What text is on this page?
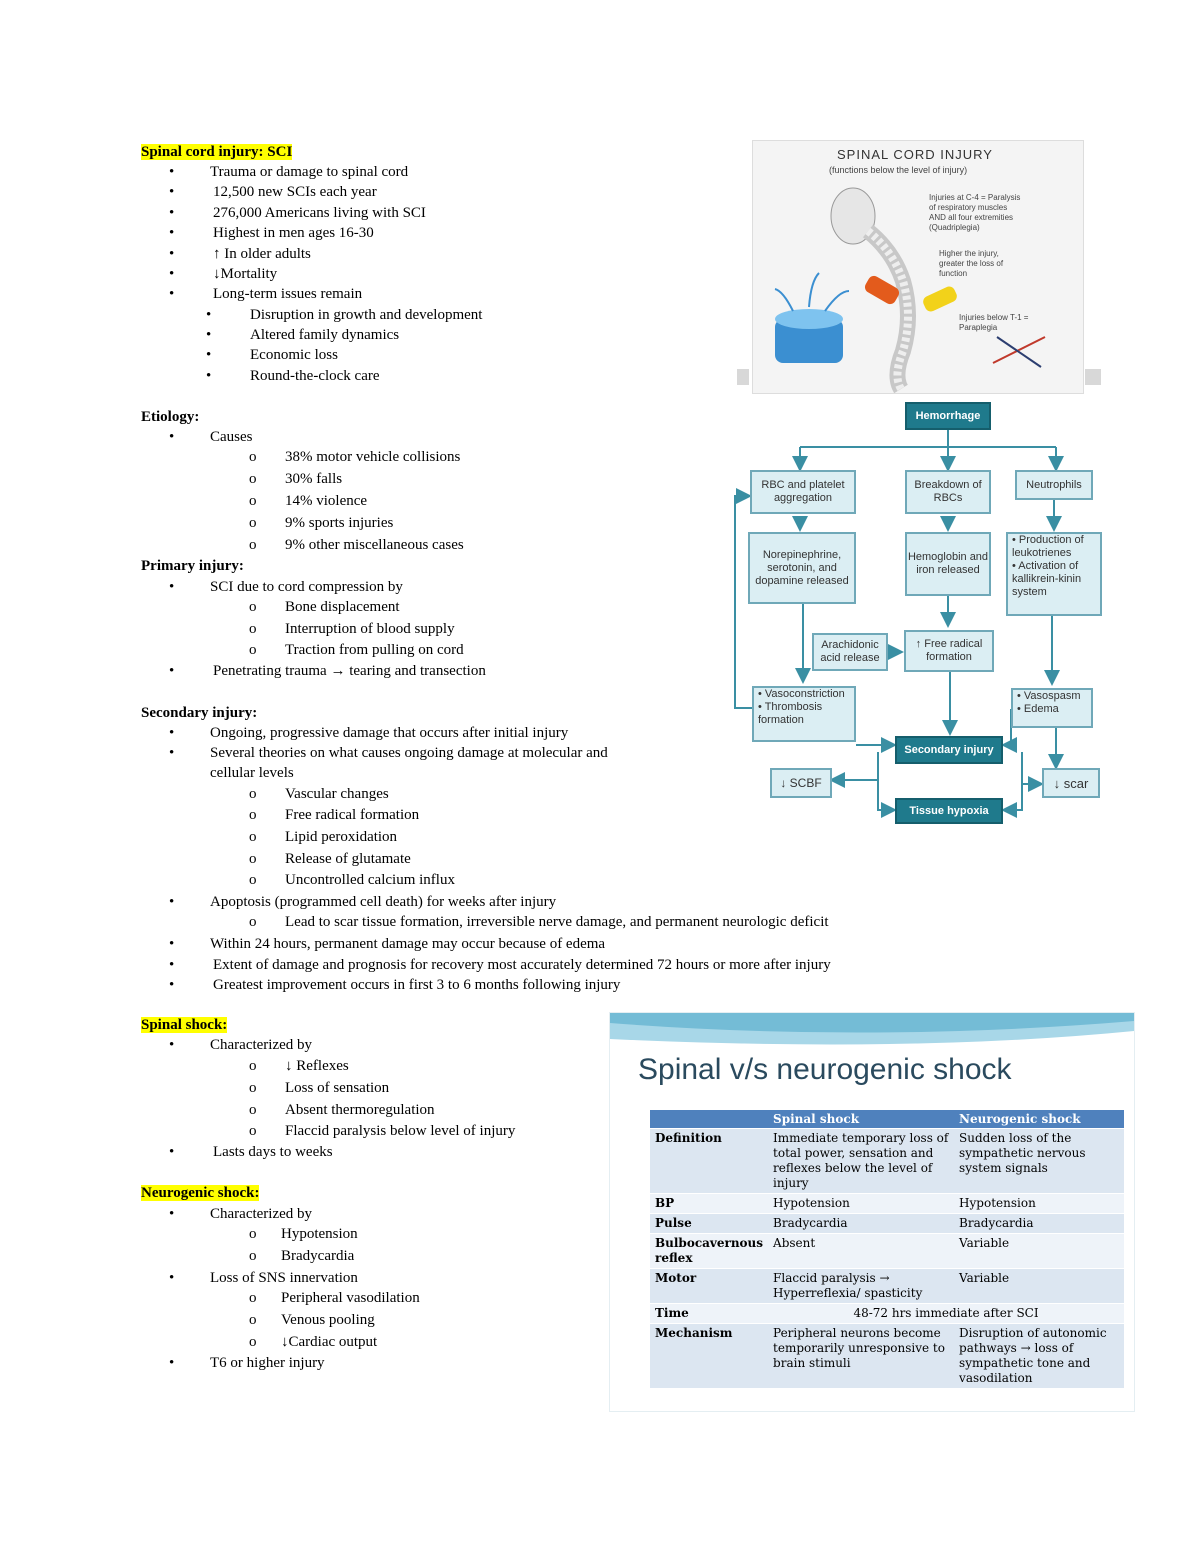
Spinal cord injury: SCI
• Trauma or damage to spinal cord
•	12,500 new SCIs each year
•	276,000 Americans living with SCI
•	Highest in men ages 16-30
•	↑ In older adults
•	↓Mortality
•	Long-term issues remain
•	Disruption in growth and development
•	Altered family dynamics
•	Economic loss
•	Round-the-clock care
Etiology:
• Causes
o 38% motor vehicle collisions
o 30% falls
o 14% violence
o 9% sports injuries
o 9% other miscellaneous cases
Primary injury:
• SCI due to cord compression by
o Bone displacement
o Interruption of blood supply
o Traction from pulling on cord
•	Penetrating trauma → tearing and transection
Secondary injury:
• Ongoing, progressive damage that occurs after initial injury
• Several theories on what causes ongoing damage at molecular and
cellular levels
o Vascular changes
o Free radical formation
o Lipid peroxidation
o Release of glutamate
o Uncontrolled calcium influx
• Apoptosis (programmed cell death) for weeks after injury
o Lead to scar tissue formation, irreversible nerve damage, and permanent neurologic deficit
• Within 24 hours, permanent damage may occur because of edema
•	Extent of damage and prognosis for recovery most accurately determined 72 hours or more after injury
•	Greatest improvement occurs in first 3 to 6 months following injury
Spinal shock:
• Characterized by
o ↓ Reflexes
o Loss of sensation
o Absent thermoregulation
o Flaccid paralysis below level of injury
•	Lasts days to weeks
Neurogenic shock:
• Characterized by
o Hypotension
o Bradycardia
• Loss of SNS innervation
o Peripheral vasodilation
o Venous pooling
o ↓Cardiac output
• T6 or higher injury
SPINAL CORD INJURY
(functions below the level of injury)
Injuries at C-4 = Paralysis of respiratory muscles AND all four extremities (Quadriplegia)
Higher the injury, greater the loss of function
Injuries below T-1 = Paraplegia
Hemorrhage
RBC and platelet aggregation
Breakdown of RBCs
Neutrophils
Norepinephrine, serotonin, and dopamine released
Hemoglobin and iron released
• Production of leukotrienes
• Activation of kallikrein-kinin system
Arachidonic acid release
↑ Free radical formation
• Vasoconstriction
• Thrombosis formation
• Vasospasm
• Edema
Secondary injury
↓ SCBF	↓ scar
Tissue hypoxia
Spinal v/s neurogenic shock
	Spinal shock	Neurogenic shock
Definition	Immediate temporary loss of total power, sensation and reflexes below the level of injury	Sudden loss of the sympathetic nervous system signals
BP	Hypotension	Hypotension
Pulse	Bradycardia	Bradycardia
Bulbocavernous reflex	Absent	Variable
Motor	Flaccid paralysis → Hyperreflexia/ spasticity	Variable
Time	48-72 hrs immediate after SCI	
Mechanism	Peripheral neurons become temporarily unresponsive to brain stimuli	Disruption of autonomic pathways → loss of sympathetic tone and vasodilation
